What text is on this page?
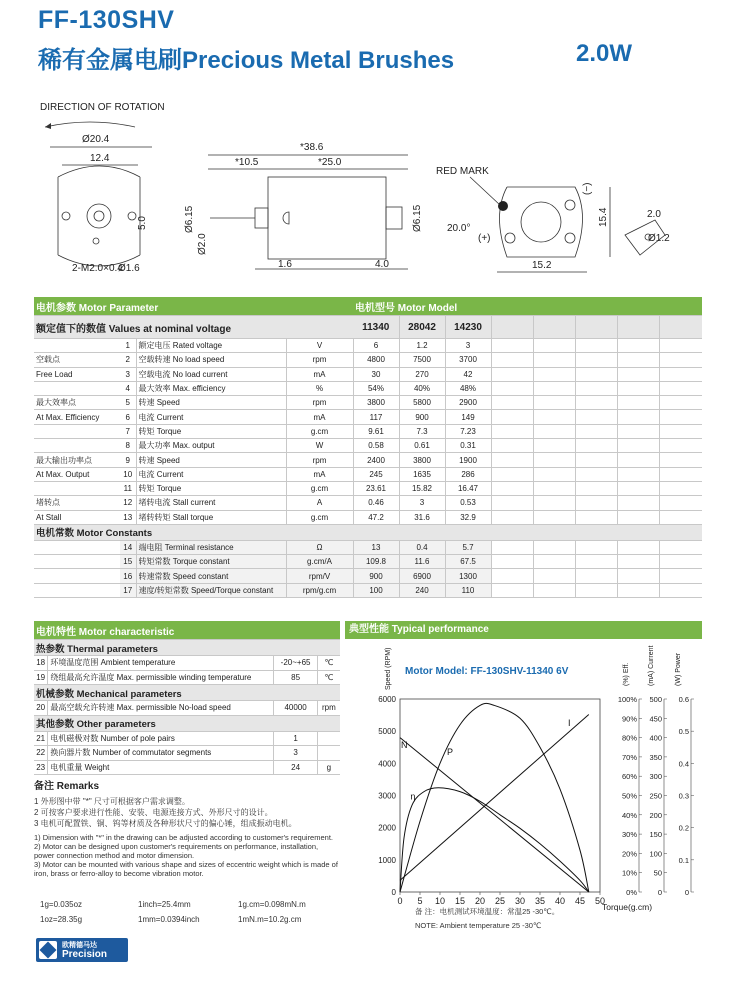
FF-130SHV
稀有金属电刷Precious Metal Brushes	2.0W
DIRECTION OF ROTATION
Ø20.4
12.4
5.0
2-M2.0×0.4
Ø1.6
*38.6
*10.5	*25.0
Ø6.15
Ø2.0
Ø6.15
1.6	4.0
RED MARK
20.0°
(+)
(−)
15.4
15.2
2.0
Ø1.2
电机参数 Motor Parameter				电机型号 Motor Model							
额定值下的数值 Values at nominal voltage				11340	28042	14230					
	1	额定电压 Rated voltage	V	6	1.2	3					
空载点	2	空载转速 No load speed	rpm	4800	7500	3700					
Free Load	3	空载电流 No load current	mA	30	270	42					
	4	最大效率 Max. efficiency	%	54%	40%	48%					
最大效率点	5	转速 Speed	rpm	3800	5800	2900					
At Max. Efficiency	6	电流 Current	mA	117	900	149					
	7	转矩 Torque	g.cm	9.61	7.3	7.23					
	8	最大功率 Max. output	W	0.58	0.61	0.31					
最大输出功率点	9	转速 Speed	rpm	2400	3800	1900					
At Max. Output	10	电流 Current	mA	245	1635	286					
	11	转矩 Torque	g.cm	23.61	15.82	16.47					
堵转点	12	堵转电流 Stall current	A	0.46	3	0.53					
At Stall	13	堵转转矩 Stall torque	g.cm	47.2	31.6	32.9					
电机常数 Motor Constants											
	14	端电阻 Terminal resistance	Ω	13	0.4	5.7					
	15	转矩常数 Torque constant	g.cm/A	109.8	11.6	67.5					
	16	转速常数 Speed constant	rpm/V	900	6900	1300					
	17	速度/转矩常数 Speed/Torque constant	rpm/g.cm	100	240	110					
电机特性 Motor characteristic			
热参数 Thermal parameters			
18	环境温度范围 Ambient temperature	-20~+65	℃
19	绕组最高允许温度 Max. permissible winding temperature	85	℃
机械参数 Mechanical parameters			
20	最高空载允许转速 Max. permissible No-load speed	40000	rpm
其他参数 Other parameters			
21	电机磁极对数 Number of pole pairs	1	
22	换向器片数 Number of commutator segments	3	
23	电机重量 Weight	24	g
备注 Remarks
1 外形图中带 "*" 尺寸可根据客户需求调整。
2 可按客户要求进行性能、安装、电源连接方式、外形尺寸的设计。
3 电机可配置铁、铜、钨等材质及各种形状尺寸的偏心锤，组成振动电机。
1) Dimension with "*" in the drawing can be adjusted according to customer's requirement.
2) Motor can be designed upon customer's requirements on performance, installation, power connection method and motor dimension.
3) Motor can be mounted with various shape and sizes of eccentric weight which is made of iron, brass or ferro-alloy to become vibration motor.
1g=0.035oz	1inch=25.4mm	1g.cm=0.098mN.m
1oz=28.35g	1mm=0.0394inch	1mN.m=10.2g.cm
典型性能 Typical performance
Motor Model: FF-130SHV-11340 6V
0 5 10 15 20 25 30 35 40 45 50
Torque(g.cm)
0
1000
2000
3000
4000
5000
6000
Speed (RPM)
0%
10%
20%
30%
40%
50%
60%
70%
80%
90%
100%
(%) Eff.
0
50
100
150
200
250
300
350
400
450
500
(mA) Current
0
0.1
0.2
0.3
0.4
0.5
0.6
(W) Power
N
I
P
η
备 注：电机测试环境温度：常温25 -30℃。
NOTE: Ambient temperature 25 -30℃
欧精德马达
Precision
